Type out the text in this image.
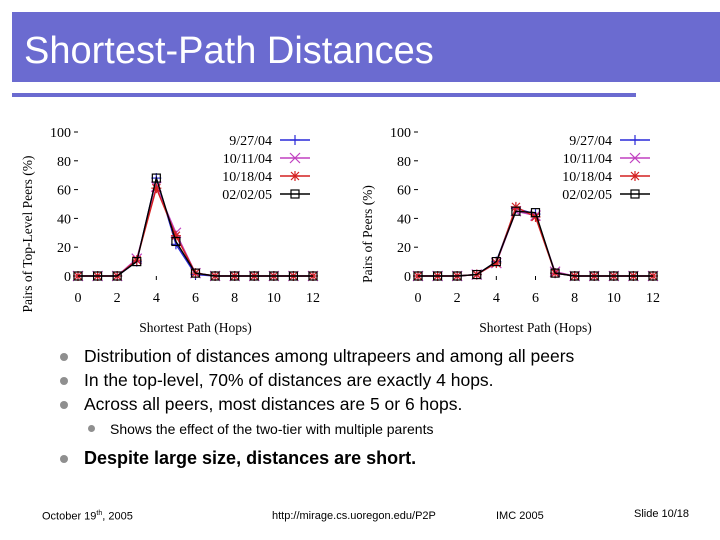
Shortest-Path Distances
0
20
40
60
80
100
0 2 4 6 8 10 12
Shortest Path (Hops)
Pairs of Top-Level Peers (%)
9/27/04
10/11/04
10/18/04
02/02/05
0
20
40
60
80
100
0 2 4 6 8 10 12
Shortest Path (Hops)
Pairs of Peers (%)
9/27/04
10/11/04
10/18/04
02/02/05
Distribution of distances among ultrapeers and among all peers
In the top-level, 70% of distances are exactly 4 hops.
Across all peers, most distances are 5 or 6 hops.
Shows the effect of the two-tier with multiple parents
Despite large size, distances are short.
October 19th, 2005	http://mirage.cs.uoregon.edu/P2P	IMC 2005	Slide 10/18
